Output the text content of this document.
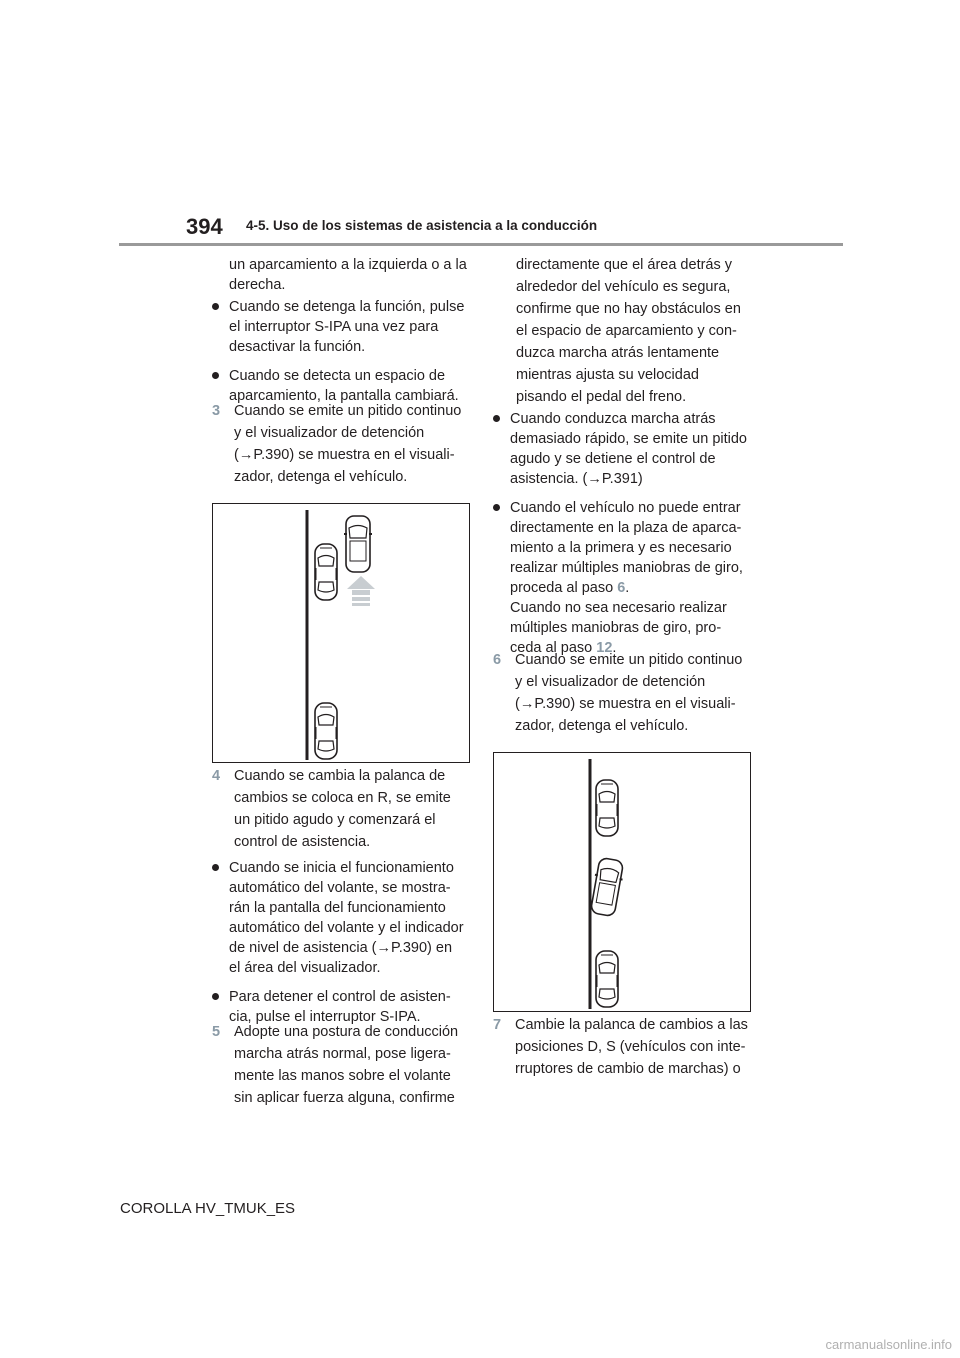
394 4-5. Uso de los sistemas de asistencia a la conducción

un aparcamiento a la izquierda o a la
derecha.

Cuando se detenga la función, pulse
el interruptor S-IPA una vez para
desactivar la función.

Cuando se detecta un espacio de
aparcamiento, la pantalla cambiará.

3 Cuando se emite un pitido continuo
y el visualizador de detención
(→P.390) se muestra en el visuali-
zador, detenga el vehículo.
4 Cuando se cambia la palanca de
cambios se coloca en R, se emite
un pitido agudo y comenzará el
control de asistencia.

Cuando se inicia el funcionamiento
automático del volante, se mostra-
rán la pantalla del funcionamiento
automático del volante y el indicador
de nivel de asistencia (→P.390) en
el área del visualizador.

Para detener el control de asisten-
cia, pulse el interruptor S-IPA.

5 Adopte una postura de conducción
marcha atrás normal, pose ligera-
mente las manos sobre el volante
sin aplicar fuerza alguna, confirme

directamente que el área detrás y
alrededor del vehículo es segura,
confirme que no hay obstáculos en
el espacio de aparcamiento y con-
duzca marcha atrás lentamente
mientras ajusta su velocidad
pisando el pedal del freno.

Cuando conduzca marcha atrás
demasiado rápido, se emite un pitido
agudo y se detiene el control de
asistencia. (→P.391)

Cuando el vehículo no puede entrar
directamente en la plaza de aparca-
miento a la primera y es necesario
realizar múltiples maniobras de giro,
proceda al paso 6.
Cuando no sea necesario realizar
múltiples maniobras de giro, pro-
ceda al paso 12.

6 Cuando se emite un pitido continuo
y el visualizador de detención
(→P.390) se muestra en el visuali-
zador, detenga el vehículo.
7 Cambie la palanca de cambios a las
posiciones D, S (vehículos con inte-
rruptores de cambio de marchas) o
COROLLA HV_TMUK_ES
carmanualsonline.info
